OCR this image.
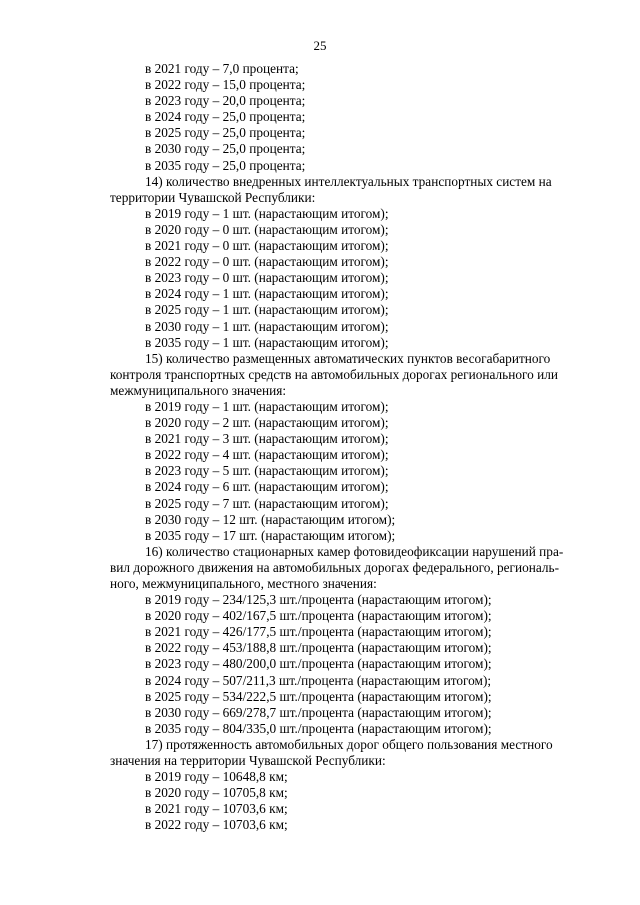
25
в 2021 году – 7,0 процента;
в 2022 году – 15,0 процента;
в 2023 году – 20,0 процента;
в 2024 году – 25,0 процента;
в 2025 году – 25,0 процента;
в 2030 году – 25,0 процента;
в 2035 году – 25,0 процента;
14) количество внедренных интеллектуальных транспортных систем на
территории Чувашской Республики:
в 2019 году – 1 шт. (нарастающим итогом);
в 2020 году – 0 шт. (нарастающим итогом);
в 2021 году – 0 шт. (нарастающим итогом);
в 2022 году – 0 шт. (нарастающим итогом);
в 2023 году – 0 шт. (нарастающим итогом);
в 2024 году – 1 шт. (нарастающим итогом);
в 2025 году – 1 шт. (нарастающим итогом);
в 2030 году – 1 шт. (нарастающим итогом);
в 2035 году – 1 шт. (нарастающим итогом);
15) количество размещенных автоматических пунктов весогабаритного
контроля транспортных средств на автомобильных дорогах регионального или
межмуниципального значения:
в 2019 году – 1 шт. (нарастающим итогом);
в 2020 году – 2 шт. (нарастающим итогом);
в 2021 году – 3 шт. (нарастающим итогом);
в 2022 году – 4 шт. (нарастающим итогом);
в 2023 году – 5 шт. (нарастающим итогом);
в 2024 году – 6 шт. (нарастающим итогом);
в 2025 году – 7 шт. (нарастающим итогом);
в 2030 году – 12 шт. (нарастающим итогом);
в 2035 году – 17 шт. (нарастающим итогом);
16) количество стационарных камер фотовидеофиксации нарушений пра-
вил дорожного движения на автомобильных дорогах федерального, региональ-
ного, межмуниципального, местного значения:
в 2019 году – 234/125,3 шт./процента (нарастающим итогом);
в 2020 году – 402/167,5 шт./процента (нарастающим итогом);
в 2021 году – 426/177,5 шт./процента (нарастающим итогом);
в 2022 году – 453/188,8 шт./процента (нарастающим итогом);
в 2023 году – 480/200,0 шт./процента (нарастающим итогом);
в 2024 году – 507/211,3 шт./процента (нарастающим итогом);
в 2025 году – 534/222,5 шт./процента (нарастающим итогом);
в 2030 году – 669/278,7 шт./процента (нарастающим итогом);
в 2035 году – 804/335,0 шт./процента (нарастающим итогом);
17) протяженность автомобильных дорог общего пользования местного
значения на территории Чувашской Республики:
в 2019 году – 10648,8 км;
в 2020 году – 10705,8 км;
в 2021 году – 10703,6 км;
в 2022 году – 10703,6 км;
